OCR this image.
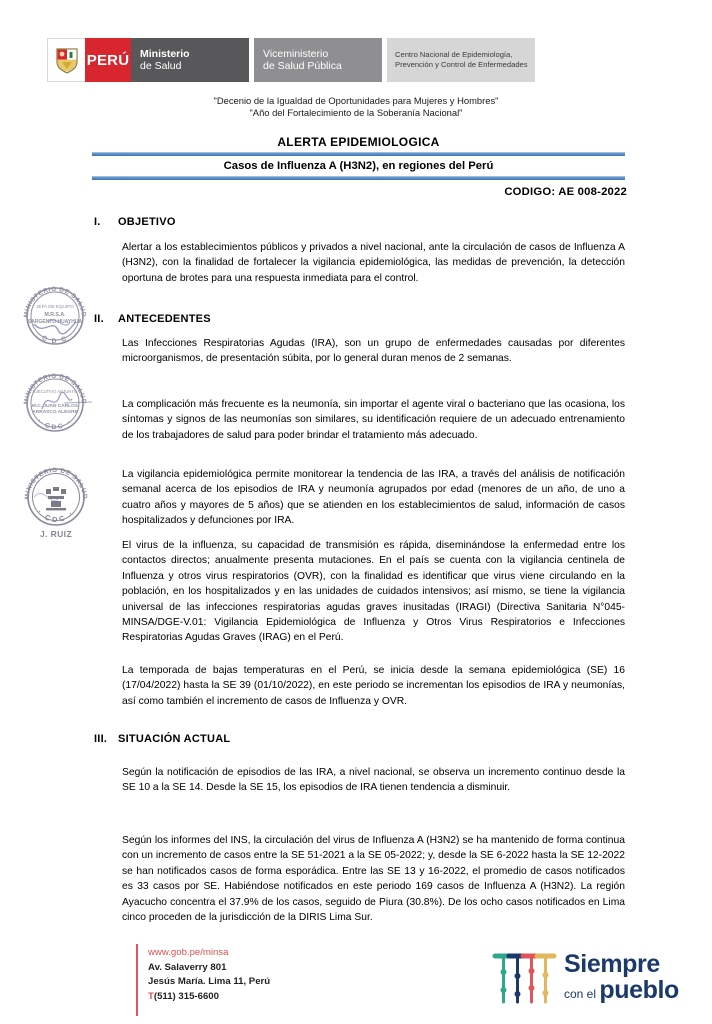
PERÚ Ministerio
de Salud
Viceministerio
de Salud Pública
Centro Nacional de Epidemiología, Prevención y Control de Enfermedades
"Decenio de la Igualdad de Oportunidades para Mujeres y Hombres"
"Año del Fortalecimiento de la Soberanía Nacional"
ALERTA EPIDEMIOLOGICA
Casos de Influenza A (H3N2), en regiones del Perú
CODIGO: AE 008-2022
I. OBJETIVO
Alertar a los establecimientos públicos y privados a nivel nacional, ante la circulación de casos de Influenza A (H3N2), con la finalidad de fortalecer la vigilancia epidemiológica, las medidas de prevención, la detección oportuna de brotes para una respuesta inmediata para el control.
II. ANTECEDENTES
Las Infecciones Respiratorias Agudas (IRA), son un grupo de enfermedades causadas por diferentes microorganismos, de presentación súbita, por lo general duran menos de 2 semanas.
La complicación más frecuente es la neumonía, sin importar el agente viral o bacteriano que las ocasiona, los síntomas y signos de las neumonías son similares, su identificación requiere de un adecuado entrenamiento de los trabajadores de salud para poder brindar el tratamiento más adecuado.
La vigilancia epidemiológica permite monitorear la tendencia de las IRA, a través del análisis de notificación semanal acerca de los episodios de IRA y neumonía agrupados por edad (menores de un año, de uno a cuatro años y mayores de 5 años) que se atienden en los establecimientos de salud, información de casos hospitalizados y defunciones por IRA.
El virus de la influenza, su capacidad de transmisión es rápida, diseminándose la enfermedad entre los contactos directos; anualmente presenta mutaciones. En el país se cuenta con la vigilancia centinela de Influenza y otros virus respiratorios (OVR), con la finalidad es identificar que virus viene circulando en la población, en los hospitalizados y en las unidades de cuidados intensivos; así mismo, se tiene la vigilancia universal de las infecciones respiratorias agudas graves inusitadas (IRAGI) (Directiva Sanitaria N°045-MINSA/DGE-V.01: Vigilancia Epidemiológica de Influenza y Otros Virus Respiratorios e Infecciones Respiratorias Agudas Graves (IRAG) en el Perú.
La temporada de bajas temperaturas en el Perú, se inicia desde la semana epidemiológica (SE) 16 (17/04/2022) hasta la SE 39 (01/10/2022), en este periodo se incrementan los episodios de IRA y neumonías, así como también el incremento de casos de Influenza y OVR.
III. SITUACIÓN ACTUAL
Según la notificación de episodios de las IRA, a nivel nacional, se observa un incremento continuo desde la SE 10 a la SE 14. Desde la SE 15, los episodios de IRA tienen tendencia a disminuir.
Según los informes del INS, la circulación del virus de Influenza A (H3N2) se ha mantenido de forma continua con un incremento de casos entre la SE 51-2021 a la SE 05-2022; y, desde la SE 6-2022 hasta la SE 12-2022 se han notificados casos de forma esporádica. Entre las SE 13 y 16-2022, el promedio de casos notificados es 33 casos por SE. Habiéndose notificados en este periodo 169 casos de Influenza A (H3N2). La región Ayacucho concentra el 37.9% de los casos, seguido de Piura (30.8%). De los ocho casos notificados en Lima cinco proceden de la jurisdicción de la DIRIS Lima Sur.
MINISTERIO DE SALUD
· C D C ·
JEFA DE EQUIPO
M.R.S.A.
SARGENTO HUAYHUA
MINISTERIO DE SALUD
· CDC ·
EJECUTIVO ADJUNTO
M.C. JUAN CARLOS
ARRASCO ALEGRE
MINISTERIO DE SALUD
· CDC ·
J. RUIZ
www.gob.pe/minsa
Av. Salaverry 801
Jesús María. Lima 11, Perú
T(511) 315-6600
Siempre
con el pueblo
